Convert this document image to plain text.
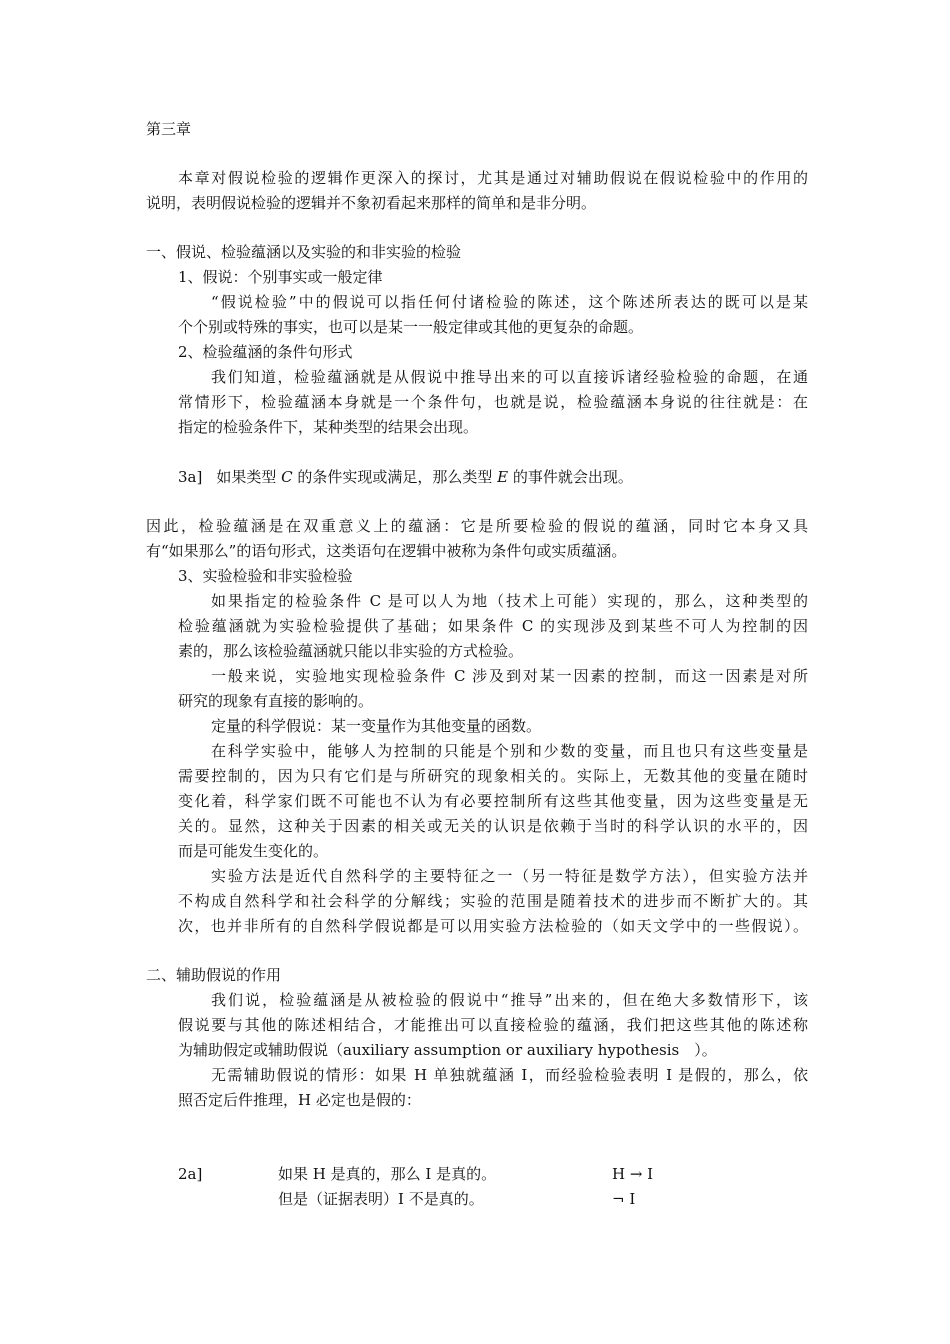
第三章
本章对假说检验的逻辑作更深入的探讨，尤其是通过对辅助假说在假说检验中的作用的
说明，表明假说检验的逻辑并不象初看起来那样的简单和是非分明。
一、假说、检验蕴涵以及实验的和非实验的检验
1、假说：个别事实或一般定律
“假说检验”中的假说可以指任何付诸检验的陈述，这个陈述所表达的既可以是某
个个别或特殊的事实，也可以是某一一般定律或其他的更复杂的命题。
2、检验蕴涵的条件句形式
我们知道，检验蕴涵就是从假说中推导出来的可以直接诉诸经验检验的命题，在通
常情形下，检验蕴涵本身就是一个条件句，也就是说，检验蕴涵本身说的往往就是：在
指定的检验条件下，某种类型的结果会出现。
3a] 如果类型 C 的条件实现或满足，那么类型 E 的事件就会出现。
因此，检验蕴涵是在双重意义上的蕴涵：它是所要检验的假说的蕴涵，同时它本身又具
有“如果那么”的语句形式，这类语句在逻辑中被称为条件句或实质蕴涵。
3、实验检验和非实验检验
如果指定的检验条件 C 是可以人为地（技术上可能）实现的，那么，这种类型的
检验蕴涵就为实验检验提供了基础；如果条件 C 的实现涉及到某些不可人为控制的因
素的，那么该检验蕴涵就只能以非实验的方式检验。
一般来说，实验地实现检验条件 C 涉及到对某一因素的控制，而这一因素是对所
研究的现象有直接的影响的。
定量的科学假说：某一变量作为其他变量的函数。
在科学实验中，能够人为控制的只能是个别和少数的变量，而且也只有这些变量是
需要控制的，因为只有它们是与所研究的现象相关的。实际上，无数其他的变量在随时
变化着，科学家们既不可能也不认为有必要控制所有这些其他变量，因为这些变量是无
关的。显然，这种关于因素的相关或无关的认识是依赖于当时的科学认识的水平的，因
而是可能发生变化的。
实验方法是近代自然科学的主要特征之一（另一特征是数学方法），但实验方法并
不构成自然科学和社会科学的分解线；实验的范围是随着技术的进步而不断扩大的。其
次，也并非所有的自然科学假说都是可以用实验方法检验的（如天文学中的一些假说）。
二、辅助假说的作用
我们说，检验蕴涵是从被检验的假说中“推导”出来的，但在绝大多数情形下，该
假说要与其他的陈述相结合，才能推出可以直接检验的蕴涵，我们把这些其他的陈述称
为辅助假定或辅助假说（auxiliary assumption or auxiliary hypothesis　）。
无需辅助假说的情形：如果 H 单独就蕴涵 I，而经验检验表明 I 是假的，那么，依
照否定后件推理，H 必定也是假的：
2a]	如果 H 是真的，那么 I 是真的。	H → I
但是（证据表明）I 不是真的。	¬ I
